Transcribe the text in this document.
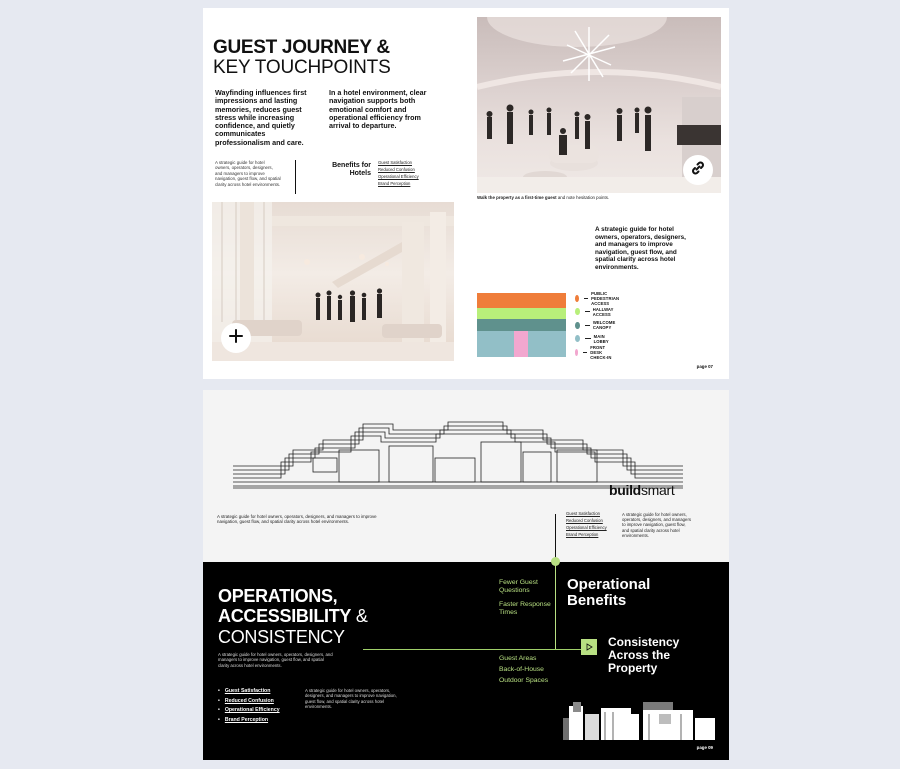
GUEST JOURNEY &
KEY TOUCHPOINTS
Wayfinding influences first impressions and lasting memories, reduces guest stress while increasing confidence, and quietly communicates professionalism and care.
In a hotel environment, clear navigation supports both emotional comfort and operational efficiency from arrival to departure.
A strategic guide for hotel owners, operators, designers, and managers to improve navigation, guest flow, and spatial clarity across hotel environments.
Benefits for Hotels
Guest Satisfaction
Reduced Confusion
Operational Efficiency
Brand Perception
Walk the property as a first-time guest and note hesitation points.
A strategic guide for hotel owners, operators, designers, and managers to improve navigation, guest flow, and spatial clarity across hotel environments.
PUBLIC PEDESTRIAN ACCESS
HALLWAY ACCESS
WELCOME CANOPY
MAIN LOBBY
FRONT DESK CHECK-IN
page 07
buildsmart
A strategic guide for hotel owners, operators, designers, and managers to improve navigation, guest flow, and spatial clarity across hotel environments.
Guest Satisfaction
Reduced Confusion
Operational Efficiency
Brand Perception
A strategic guide for hotel owners, operators, designers, and managers to improve navigation, guest flow, and spatial clarity across hotel environments.
OPERATIONS,
ACCESSIBILITY &
CONSISTENCY
A strategic guide for hotel owners, operators, designers, and managers to improve navigation, guest flow, and spatial clarity across hotel environments.
• Guest Satisfaction
• Reduced Confusion
• Operational Efficiency
• Brand Perception
A strategic guide for hotel owners, operators, designers, and managers to improve navigation, guest flow, and spatial clarity across hotel environments.
Fewer Guest Questions
Faster Response Times
Guest Areas
Back-of-House
Outdoor Spaces
Operational Benefits
Consistency Across the Property
page 09
